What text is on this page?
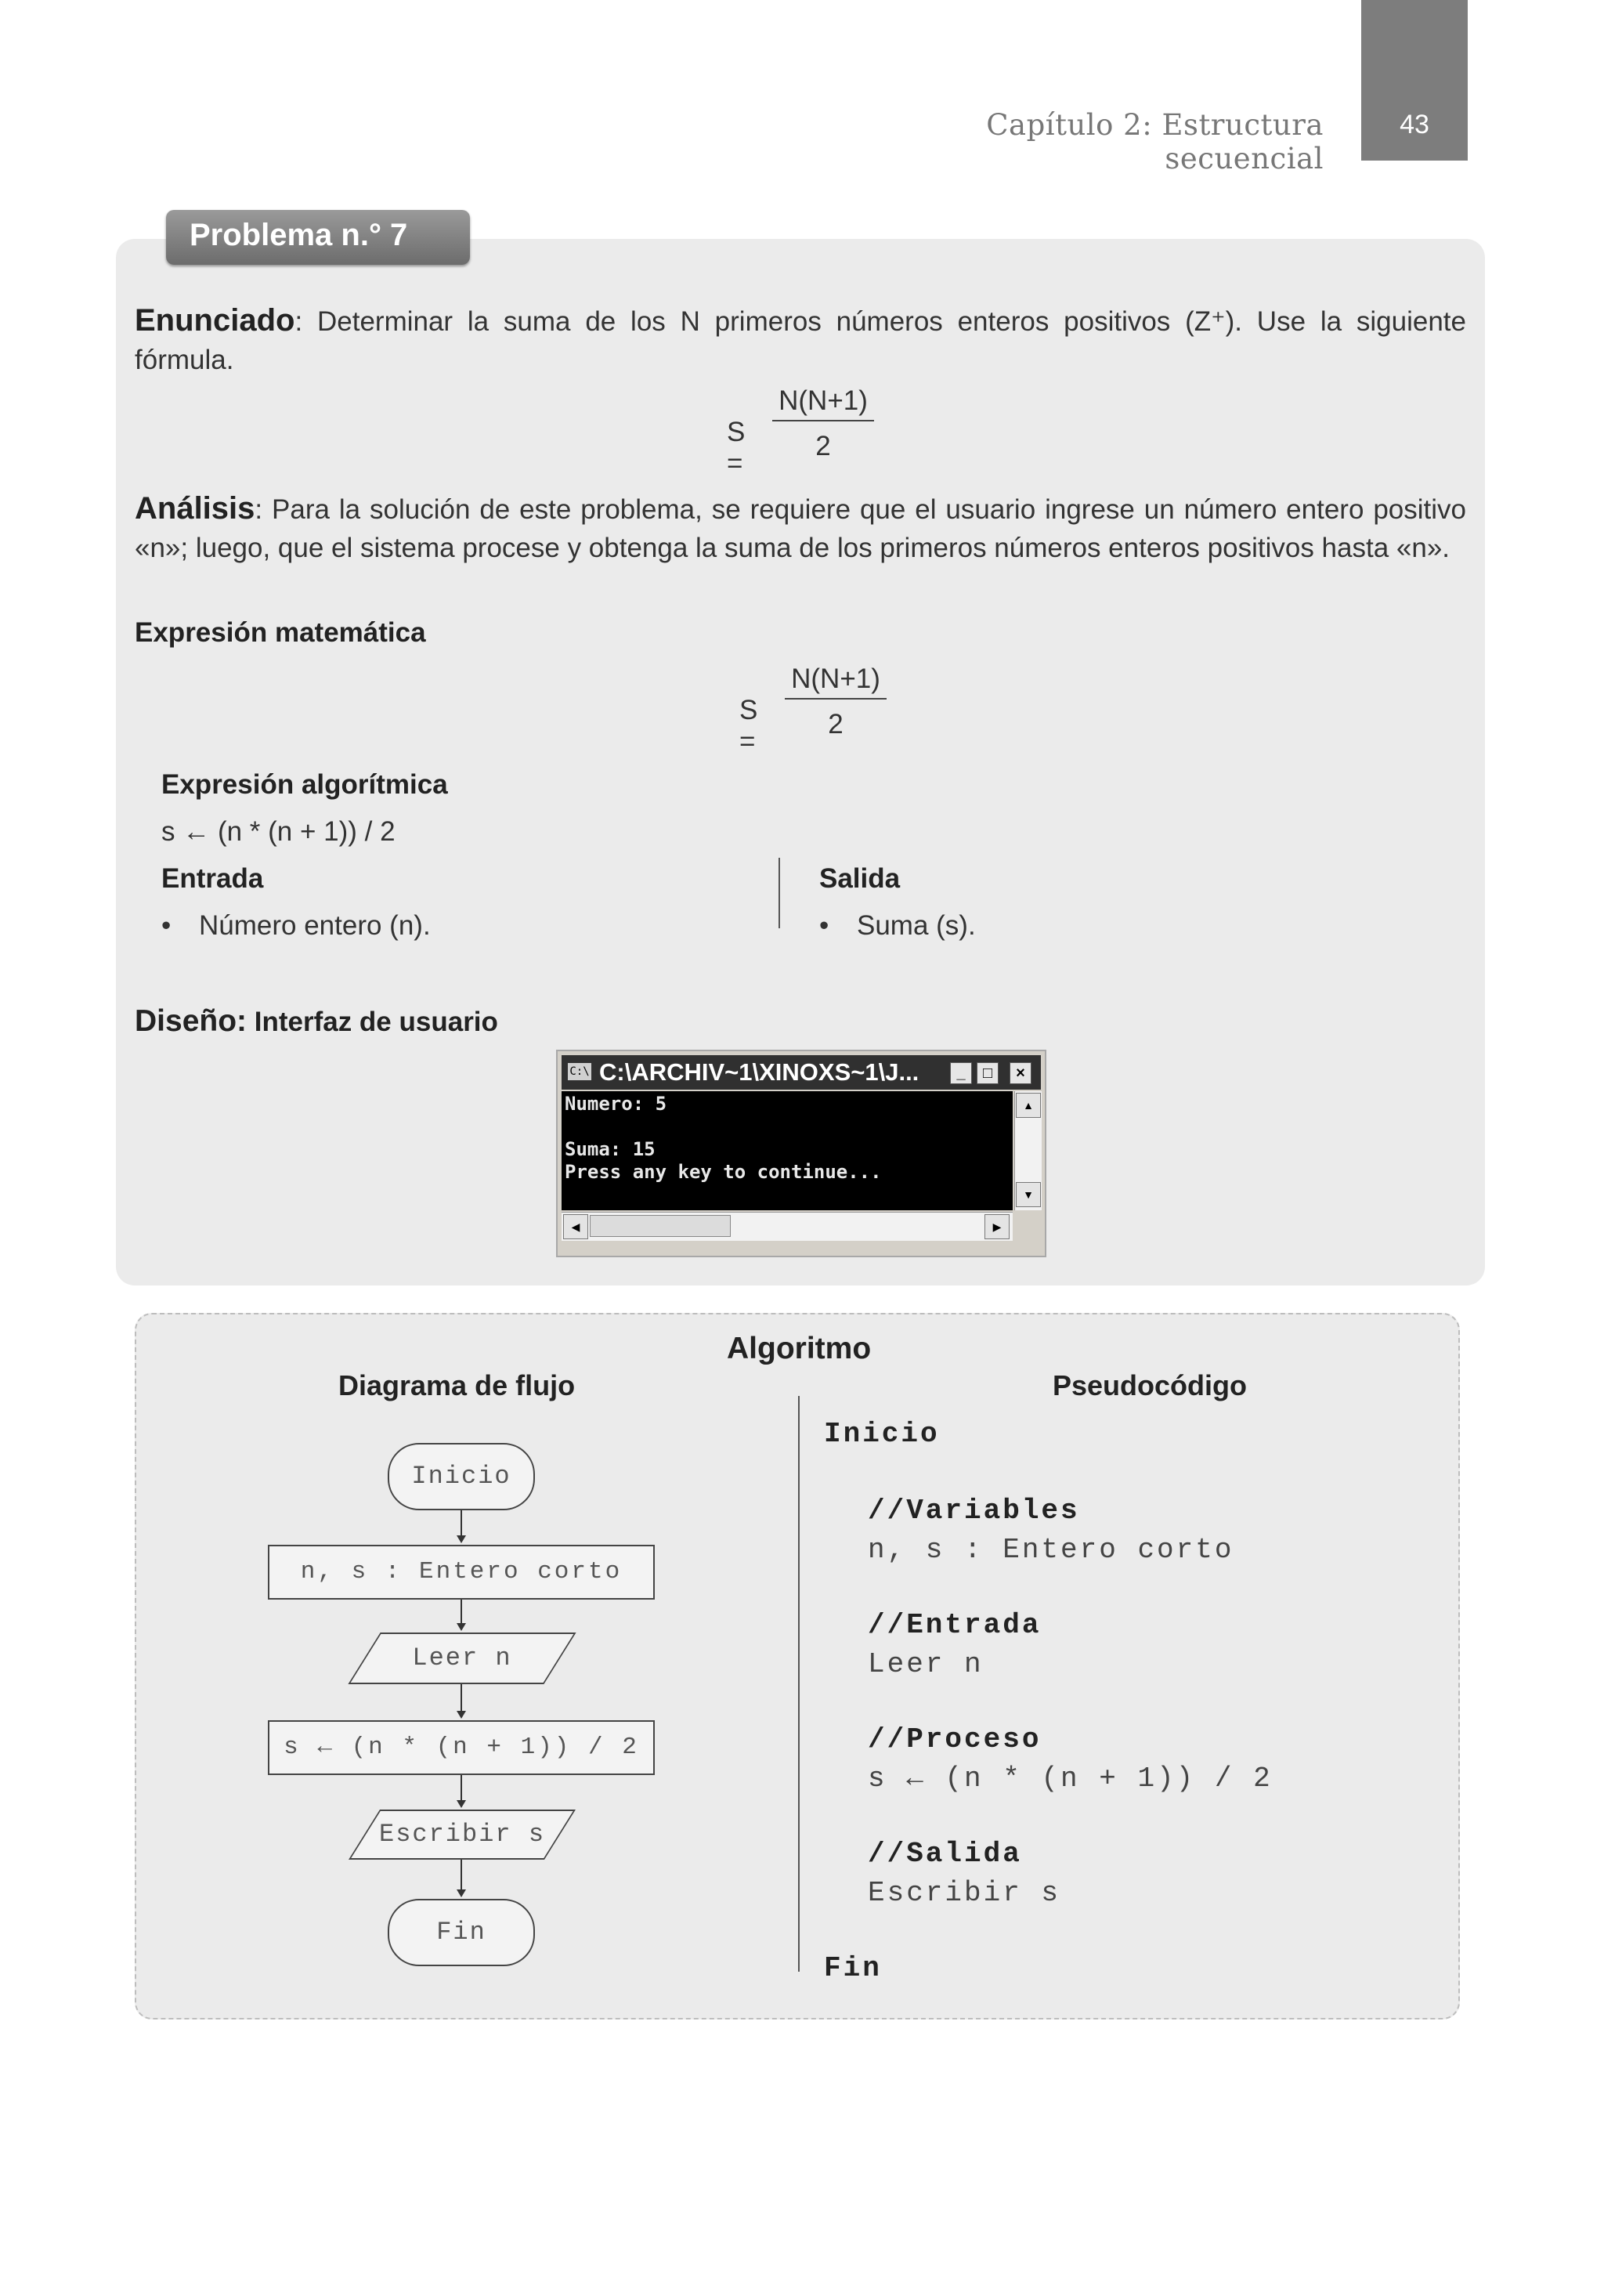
Capítulo 2: Estructura secuencial
43
Problema n.° 7
Enunciado: Determinar la suma de los N primeros números enteros positivos (Z⁺). Use la siguiente fórmula.
S =
N(N+1)
2
Análisis: Para la solución de este problema, se requiere que el usuario ingrese un número entero positivo «n»; luego, que el sistema procese y obtenga la suma de los primeros números enteros positivos hasta «n».
Expresión matemática
S =
N(N+1)
2
Expresión algorítmica
s ← (n * (n + 1)) / 2
Entrada
• Número entero (n).
Salida
• Suma (s).
Diseño: Interfaz de usuario
C:\ C:\ARCHIV~1\XINOXS~1\J...	_	□	×
Numero: 5
Suma: 15
Press any key to continue...
▲
▼
◀	▶
Algoritmo
Diagrama de flujo	Pseudocódigo
Inicio
n, s : Entero corto
Leer n
s ← (n * (n + 1)) / 2
Escribir s
Fin
Inicio
//Variables
n, s : Entero corto
//Entrada
Leer n
//Proceso
s ← (n * (n + 1)) / 2
//Salida
Escribir s
Fin
